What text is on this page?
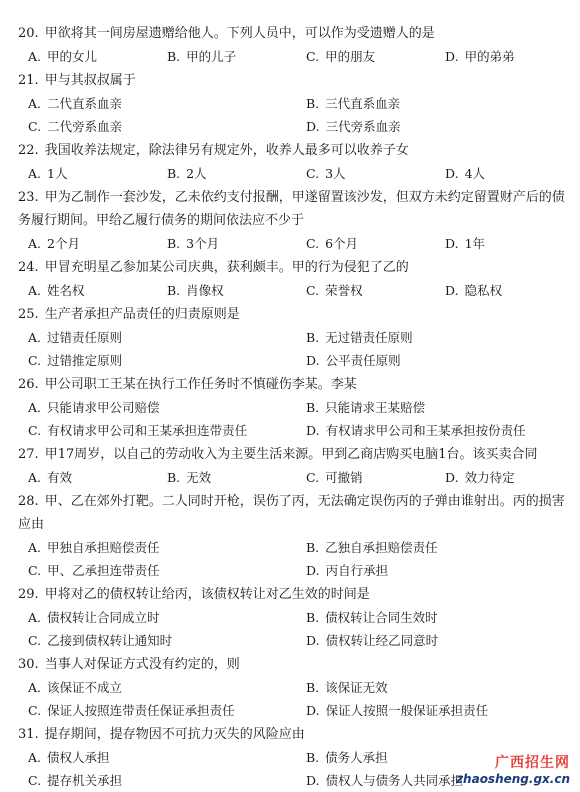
20. 甲欲将其一间房屋遗赠给他人。下列人员中，可以作为受遗赠人的是
A. 甲的女儿	B. 甲的儿子	C. 甲的朋友	D. 甲的弟弟
21. 甲与其叔叔属于
A. 二代直系血亲	B. 三代直系血亲
C. 二代旁系血亲	D. 三代旁系血亲
22. 我国收养法规定，除法律另有规定外，收养人最多可以收养子女
A. 1人	B. 2人	C. 3人	D. 4人
23. 甲为乙制作一套沙发，乙未依约支付报酬，甲遂留置该沙发，但双方未约定留置财产后的债务履行期间。甲给乙履行债务的期间依法应不少于
A. 2个月	B. 3个月	C. 6个月	D. 1年
24. 甲冒充明星乙参加某公司庆典，获利颇丰。甲的行为侵犯了乙的
A. 姓名权	B. 肖像权	C. 荣誉权	D. 隐私权
25. 生产者承担产品责任的归责原则是
A. 过错责任原则	B. 无过错责任原则
C. 过错推定原则	D. 公平责任原则
26. 甲公司职工王某在执行工作任务时不慎碰伤李某。李某
A. 只能请求甲公司赔偿	B. 只能请求王某赔偿
C. 有权请求甲公司和王某承担连带责任	D. 有权请求甲公司和王某承担按份责任
27. 甲17周岁，以自己的劳动收入为主要生活来源。甲到乙商店购买电脑1台。该买卖合同
A. 有效	B. 无效	C. 可撤销	D. 效力待定
28. 甲、乙在郊外打靶。二人同时开枪，误伤了丙，无法确定误伤丙的子弹由谁射出。丙的损害应由
A. 甲独自承担赔偿责任	B. 乙独自承担赔偿责任
C. 甲、乙承担连带责任	D. 丙自行承担
29. 甲将对乙的债权转让给丙，该债权转让对乙生效的时间是
A. 债权转让合同成立时	B. 债权转让合同生效时
C. 乙接到债权转让通知时	D. 债权转让经乙同意时
30. 当事人对保证方式没有约定的，则
A. 该保证不成立	B. 该保证无效
C. 保证人按照连带责任保证承担责任	D. 保证人按照一般保证承担责任
31. 提存期间，提存物因不可抗力灭失的风险应由
A. 债权人承担	B. 债务人承担
C. 提存机关承担	D. 债权人与债务人共同承担
广西招生网
zhaosheng.gx.cn
